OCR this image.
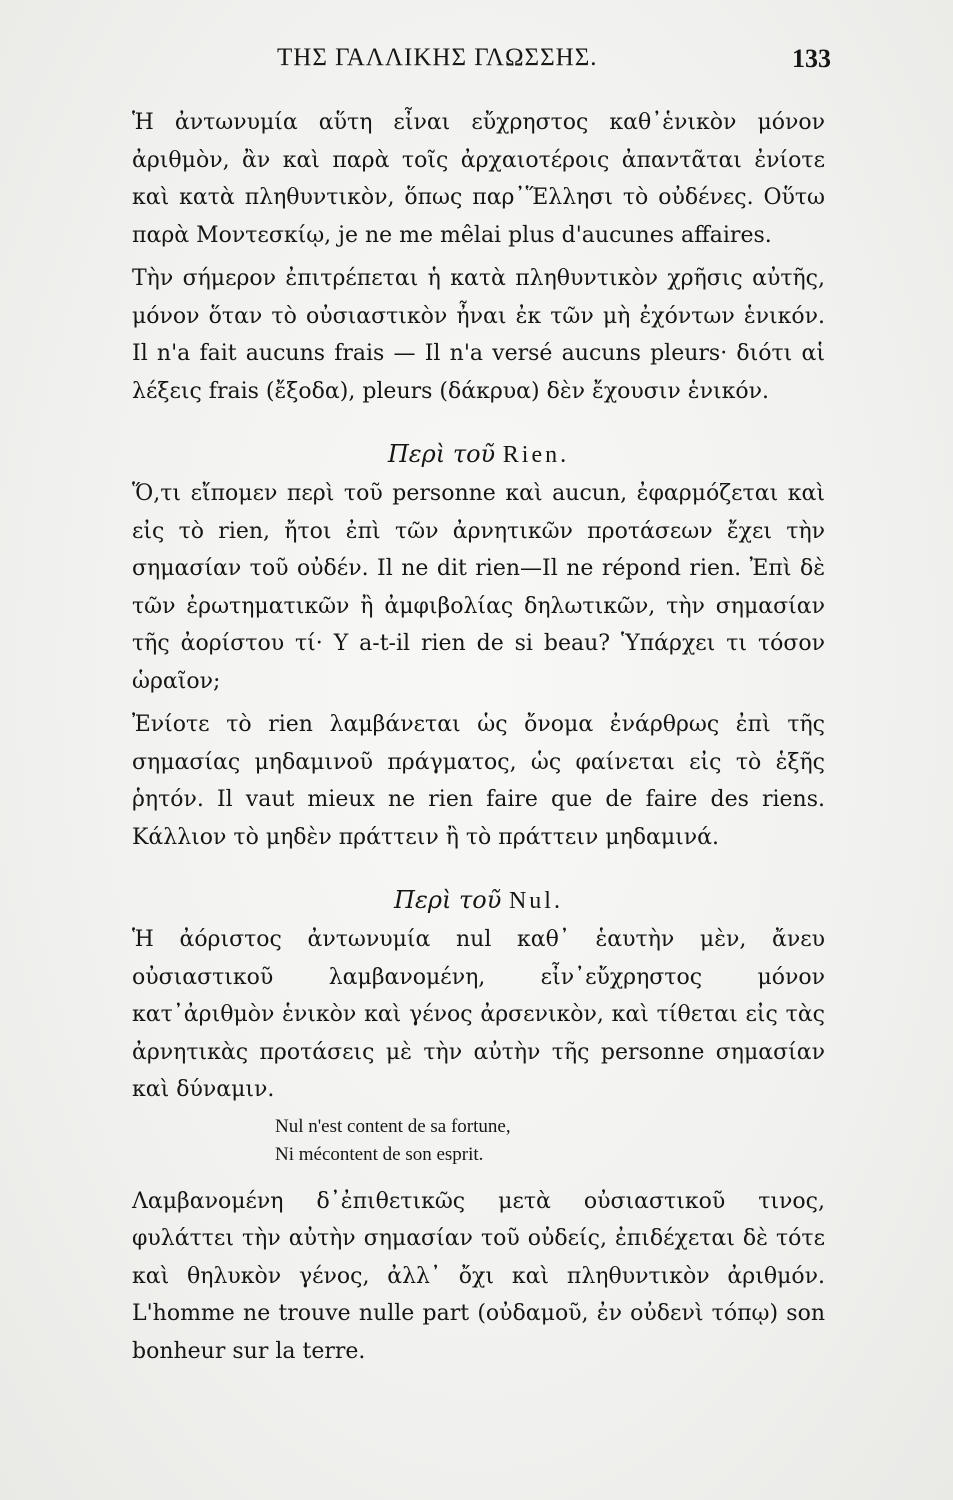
ΤΗΣ ΓΑΛΛΙΚΗΣ ΓΛΩΣΣΗΣ.	133

Ἡ ἀντωνυμία αὕτη εἶναι εὔχρηστος καθ᾽ἑνικὸν μόνον ἀριθμὸν, ἂν καὶ παρὰ τοῖς ἀρχαιοτέροις ἀπαντᾶται ἐνίοτε καὶ κατὰ πληθυντικὸν, ὅπως παρ᾽Ἕλλησι τὸ οὐδένες. Οὕτω παρὰ Μοντεσκίῳ, je ne me mêlai plus d'aucunes affaires.

Τὴν σήμερον ἐπιτρέπεται ἡ κατὰ πληθυντικὸν χρῆσις αὐτῆς, μόνον ὅταν τὸ οὐσιαστικὸν ἦναι ἐκ τῶν μὴ ἐχόντων ἑνικόν. Il n'a fait aucuns frais — Il n'a versé aucuns pleurs· διότι αἱ λέξεις frais (ἔξοδα), pleurs (δάκρυα) δὲν ἔχουσιν ἑνικόν.

Περὶ τοῦ Rien.

Ὅ,τι εἴπομεν περὶ τοῦ personne καὶ aucun, ἐφαρμόζεται καὶ εἰς τὸ rien, ἤτοι ἐπὶ τῶν ἀρνητικῶν προτάσεων ἔχει τὴν σημασίαν τοῦ οὐδέν. Il ne dit rien—Il ne répond rien. Ἐπὶ δὲ τῶν ἐρωτηματικῶν ἢ ἀμφιβολίας δηλωτικῶν, τὴν σημασίαν τῆς ἀορίστου τί· Y a-t-il rien de si beau? Ὑπάρχει τι τόσον ὡραῖον;

Ἐνίοτε τὸ rien λαμβάνεται ὡς ὄνομα ἐνάρθρως ἐπὶ τῆς σημασίας μηδαμινοῦ πράγματος, ὡς φαίνεται εἰς τὸ ἑξῆς ῥητόν. Il vaut mieux ne rien faire que de faire des riens. Κάλλιον τὸ μηδὲν πράττειν ἢ τὸ πράττειν μηδαμινά.

Περὶ τοῦ Nul.

Ἡ ἀόριστος ἀντωνυμία nul καθ᾽ ἑαυτὴν μὲν, ἄνευ οὐσιαστικοῦ λαμβανομένη, εἶν᾽εὔχρηστος μόνον κατ᾽ἀριθμὸν ἑνικὸν καὶ γένος ἀρσενικὸν, καὶ τίθεται εἰς τὰς ἀρνητικὰς προτάσεις μὲ τὴν αὐτὴν τῆς personne σημασίαν καὶ δύναμιν.

Nul n'est content de sa fortune,
Ni mécontent de son esprit.

Λαμβανομένη δ᾽ἐπιθετικῶς μετὰ οὐσιαστικοῦ τινος, φυλάττει τὴν αὐτὴν σημασίαν τοῦ οὐδείς, ἐπιδέχεται δὲ τότε καὶ θηλυκὸν γένος, ἀλλ᾽ ὄχι καὶ πληθυντικὸν ἀριθμόν. L'homme ne trouve nulle part (οὐδαμοῦ, ἐν οὐδενὶ τόπῳ) son bonheur sur la terre.
